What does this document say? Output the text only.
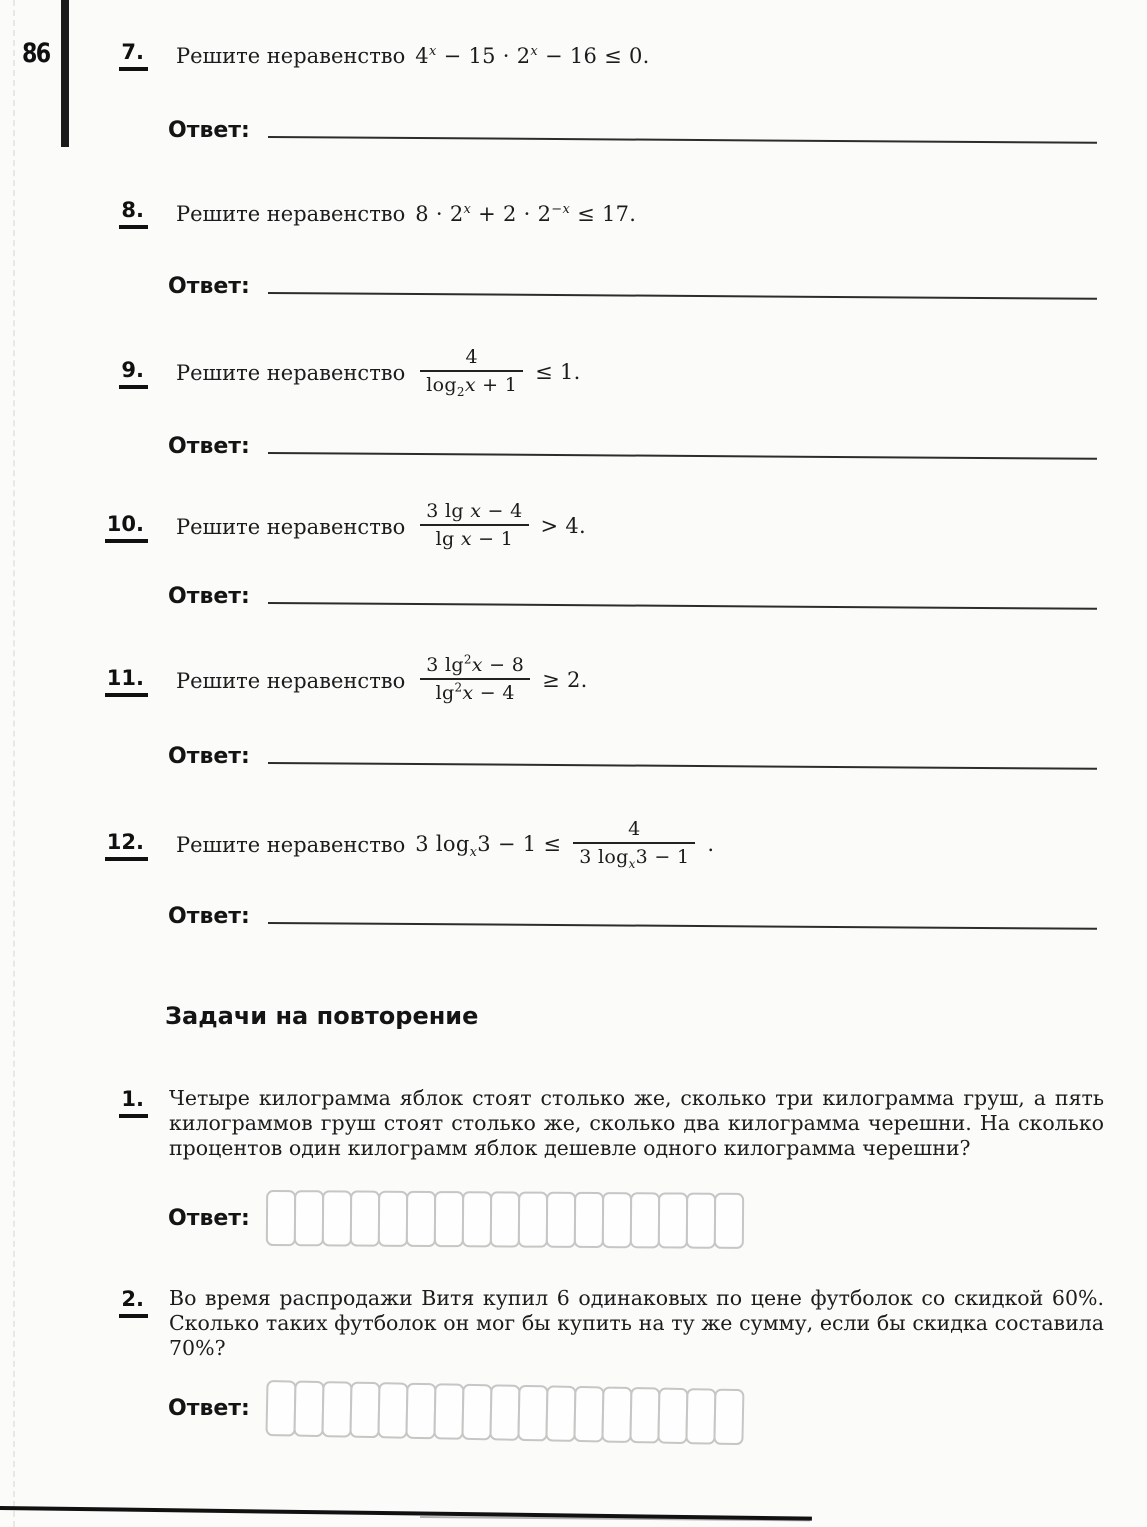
86	7. Решите неравенство $4^x - 15 \cdot 2^x - 16 \le 0$.
Ответ:
8. Решите неравенство $8 \cdot 2^x + 2 \cdot 2^{-x} \le 17$.
Ответ:
9. Решите неравенство $\frac{4}{\log_2x + 1} \le 1$.
Ответ:
10. Решите неравенство $\frac{\text{3 lg x − 4}}{\text{lg x − 1}} > 4$.
Ответ:
11. Решите неравенство $\frac{3 \lg^2x - 8}{\lg^2x - 4} \ge 2$.
Ответ:
12. Решите неравенство 3 $\log_x3 - 1 \le \frac{4}{3 \log_x3 - 1}$ .
Ответ:
Задачи на повторение
1. Четыре килограмма яблок стоят столько же, сколько три килограмма груш, а пять килограммов груш стоят столько же, сколько два килограмма черешни. На сколько процентов один килограмм яблок дешевле одного килограмма черешни?
Ответ:
2. Во время распродажи Витя купил 6 одинаковых по цене футболок со скидкой 60%. Сколько таких футболок он мог бы купить на ту же сумму, если бы скидка составила 70%?
Ответ:
